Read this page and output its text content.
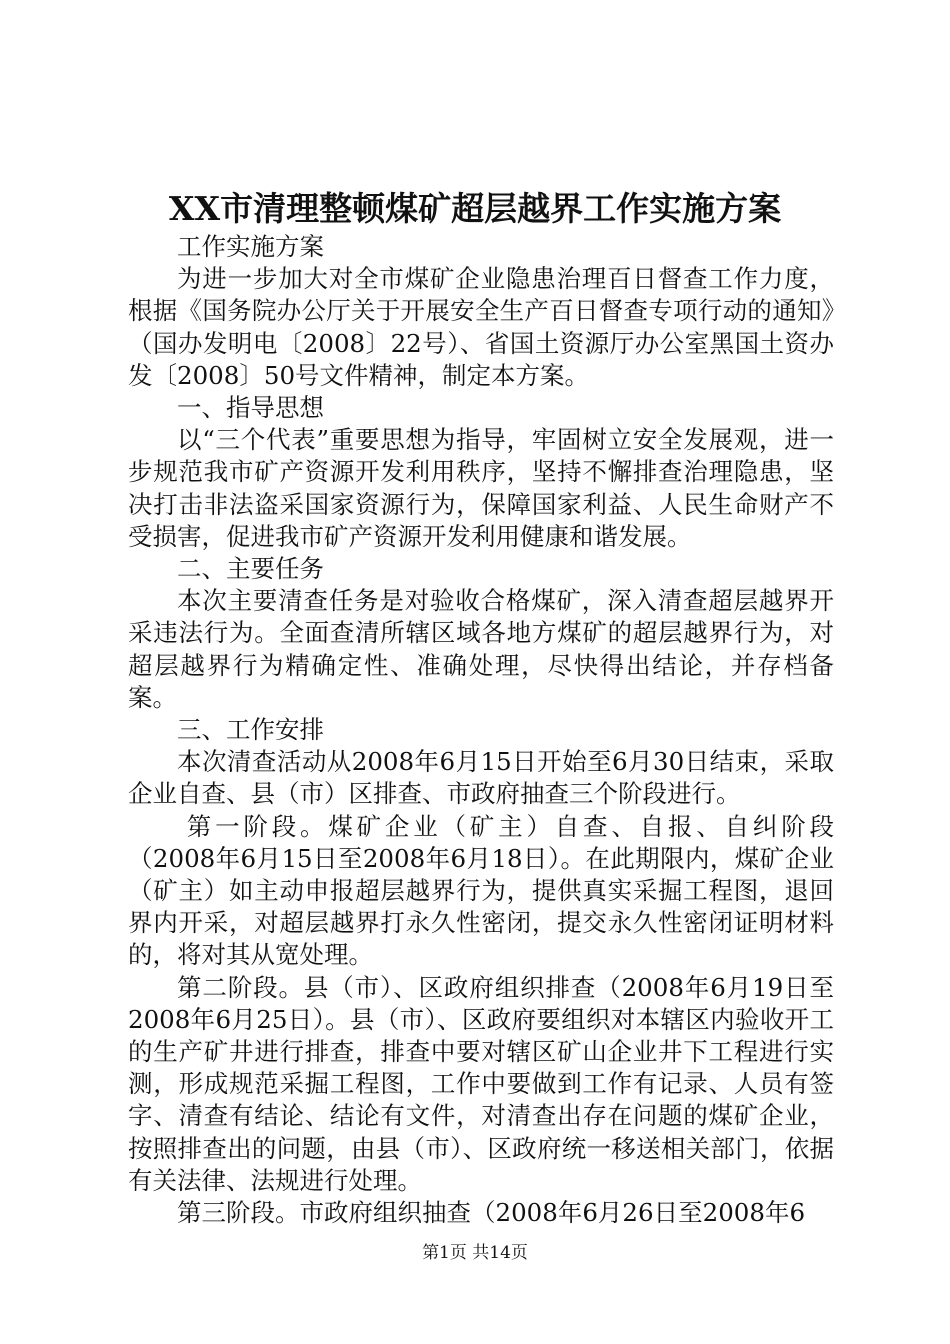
XX市清理整顿煤矿超层越界工作实施方案

工作实施方案

为进一步加大对全市煤矿企业隐患治理百日督查工作力度，根据《国务院办公厅关于开展安全生产百日督查专项行动的通知》（国办发明电〔2008〕22号）、省国土资源厅办公室黑国土资办发〔2008〕50号文件精神，制定本方案。

一、指导思想

以“三个代表”重要思想为指导，牢固树立安全发展观，进一步规范我市矿产资源开发利用秩序，坚持不懈排查治理隐患，坚决打击非法盗采国家资源行为，保障国家利益、人民生命财产不受损害，促进我市矿产资源开发利用健康和谐发展。

二、主要任务

本次主要清查任务是对验收合格煤矿，深入清查超层越界开采违法行为。全面查清所辖区域各地方煤矿的超层越界行为，对超层越界行为精确定性、准确处理，尽快得出结论，并存档备案。

三、工作安排

本次清查活动从2008年6月15日开始至6月30日结束，采取企业自查、县（市）区排查、市政府抽查三个阶段进行。

第一阶段。煤矿企业（矿主）自查、自报、自纠阶段（2008年6月15日至2008年6月18日）。在此期限内，煤矿企业（矿主）如主动申报超层越界行为，提供真实采掘工程图，退回界内开采，对超层越界打永久性密闭，提交永久性密闭证明材料的，将对其从宽处理。

第二阶段。县（市）、区政府组织排查（2008年6月19日至2008年6月25日）。县（市）、区政府要组织对本辖区内验收开工的生产矿井进行排查，排查中要对辖区矿山企业井下工程进行实测，形成规范采掘工程图，工作中要做到工作有记录、人员有签字、清查有结论、结论有文件，对清查出存在问题的煤矿企业，按照排查出的问题，由县（市）、区政府统一移送相关部门，依据有关法律、法规进行处理。

第三阶段。市政府组织抽查（2008年6月26日至2008年6

第1页 共14页
